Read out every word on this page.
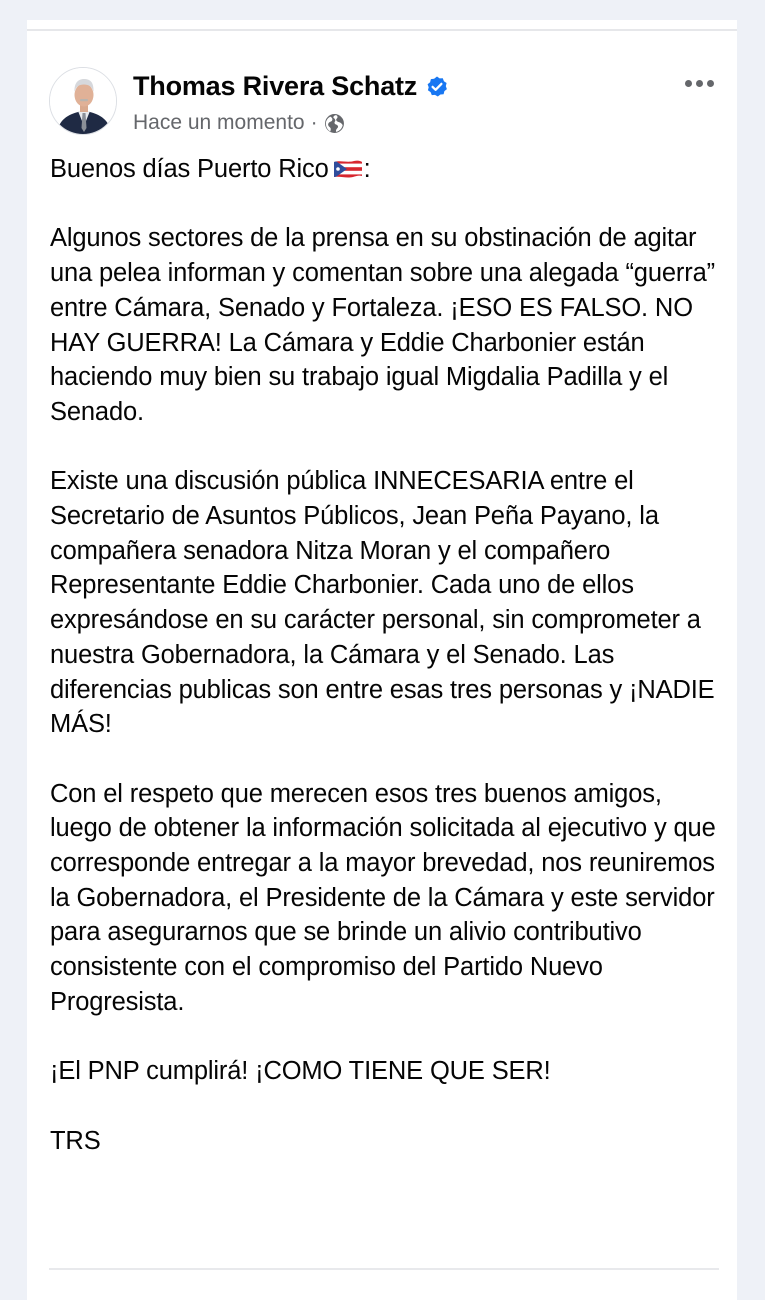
Thomas Rivera Schatz
Hace un momento ·

Buenos días Puerto Rico :

Algunos sectores de la prensa en su obstinación de agitar una pelea informan y comentan sobre una alegada “guerra” entre Cámara, Senado y Fortaleza. ¡ESO ES FALSO. NO HAY GUERRA! La Cámara y Eddie Charbonier están haciendo muy bien su trabajo igual Migdalia Padilla y el Senado.

Existe una discusión pública INNECESARIA entre el Secretario de Asuntos Públicos, Jean Peña Payano, la compañera senadora Nitza Moran y el compañero Representante Eddie Charbonier. Cada uno de ellos expresándose en su carácter personal, sin comprometer a nuestra Gobernadora, la Cámara y el Senado. Las diferencias publicas son entre esas tres personas y ¡NADIE MÁS!

Con el respeto que merecen esos tres buenos amigos, luego de obtener la información solicitada al ejecutivo y que corresponde entregar a la mayor brevedad, nos reuniremos la Gobernadora, el Presidente de la Cámara y este servidor para asegurarnos que se brinde un alivio contributivo consistente con el compromiso del Partido Nuevo Progresista.

¡El PNP cumplirá! ¡COMO TIENE QUE SER!

TRS
